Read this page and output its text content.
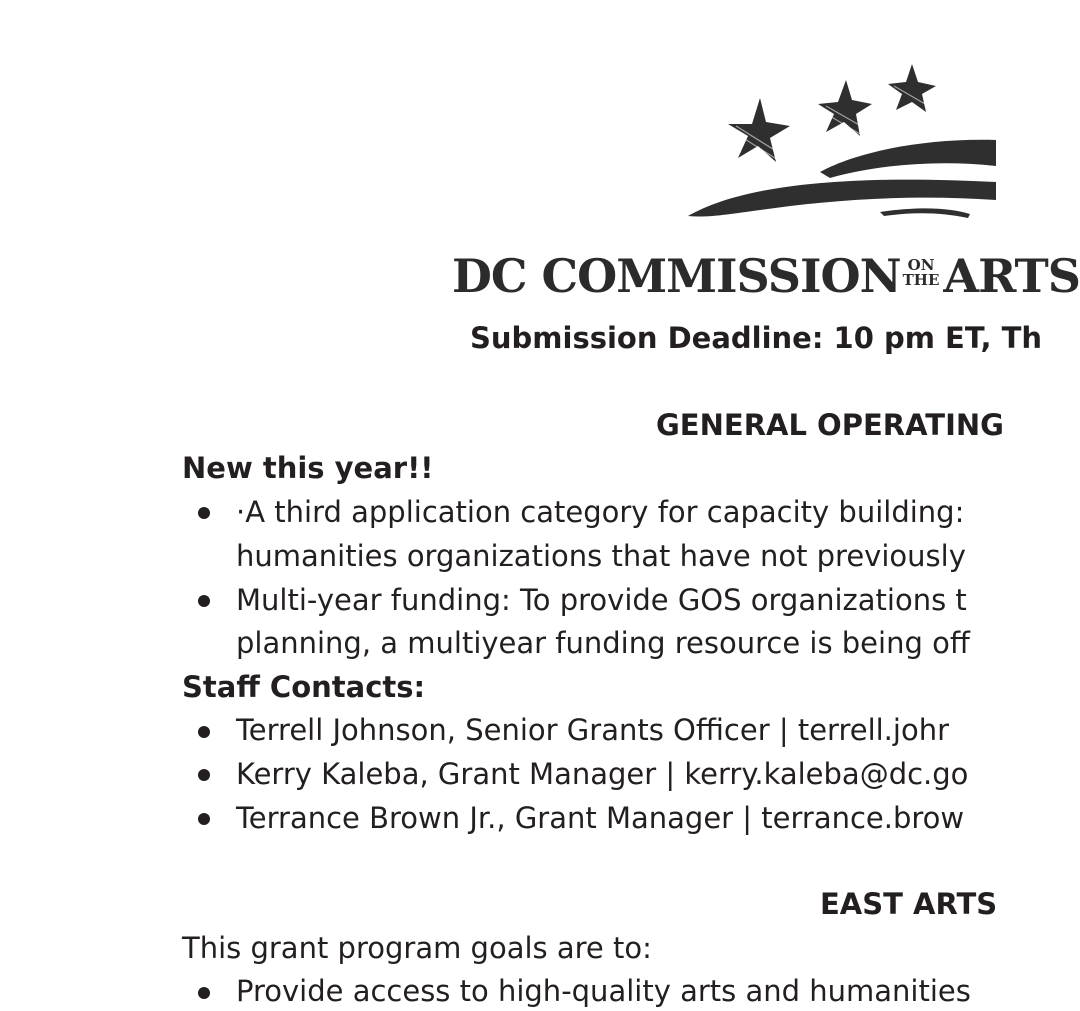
DC COMMISSION ON
THE ARTS
Submission Deadline: 10 pm ET, Th
GENERAL OPERATING
New this year!!
·A third application category for capacity building:
humanities organizations that have not previously
Multi-year funding: To provide GOS organizations t
planning, a multiyear funding resource is being off
Staff Contacts:
Terrell Johnson, Senior Grants Officer | terrell.johr
Kerry Kaleba, Grant Manager | kerry.kaleba@dc.go
Terrance Brown Jr., Grant Manager | terrance.brow
EAST ARTS
This grant program goals are to:
Provide access to high-quality arts and humanities
